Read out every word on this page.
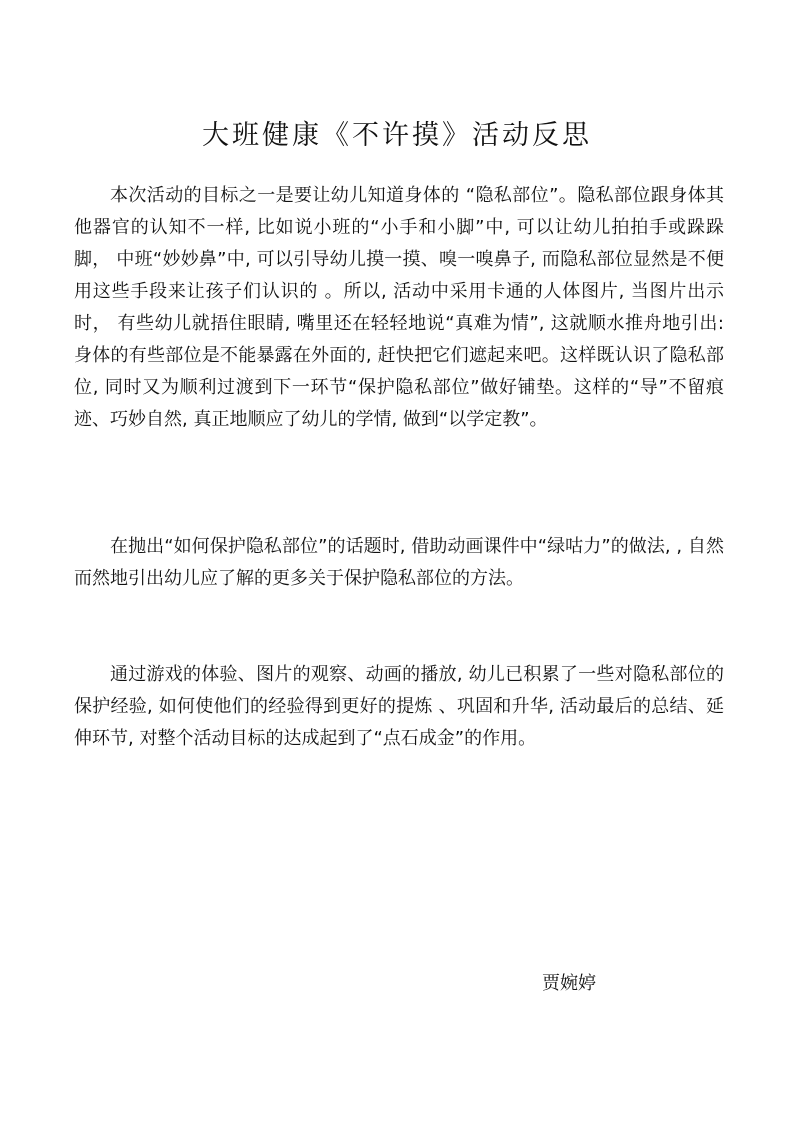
大班健康《不许摸》活动反思

本次活动的目标之一是要让幼儿知道身体的 “隐私部位”。隐私部位跟身体其他器官的认知不一样, 比如说小班的“小手和小脚”中, 可以让幼儿拍拍手或跺跺脚， 中班“妙妙鼻”中, 可以引导幼儿摸一摸、嗅一嗅鼻子, 而隐私部位显然是不便用这些手段来让孩子们认识的 。所以, 活动中采用卡通的人体图片, 当图片出示时， 有些幼儿就捂住眼睛, 嘴里还在轻轻地说“真难为情”, 这就顺水推舟地引出: 身体的有些部位是不能暴露在外面的, 赶快把它们遮起来吧。这样既认识了隐私部位, 同时又为顺利过渡到下一环节“保护隐私部位”做好铺垫。这样的“导”不留痕迹、巧妙自然, 真正地顺应了幼儿的学情, 做到“以学定教”。

在抛出“如何保护隐私部位”的话题时, 借助动画课件中“绿咕力”的做法, , 自然而然地引出幼儿应了解的更多关于保护隐私部位的方法。

通过游戏的体验、图片的观察、动画的播放, 幼儿已积累了一些对隐私部位的保护经验, 如何使他们的经验得到更好的提炼 、巩固和升华, 活动最后的总结、延伸环节, 对整个活动目标的达成起到了“点石成金”的作用。

贾婉婷
